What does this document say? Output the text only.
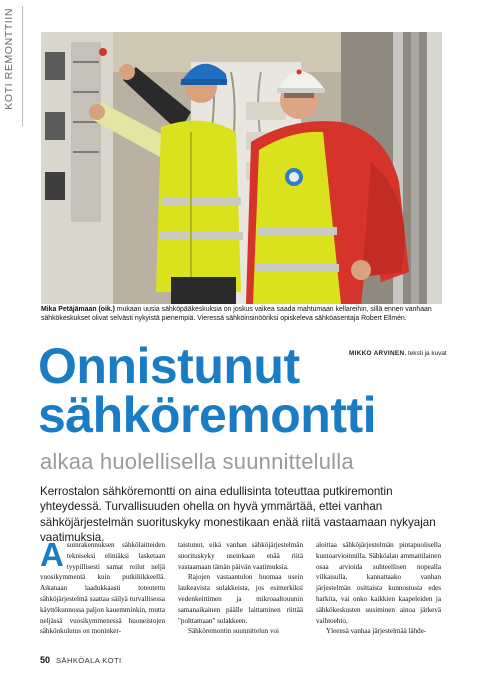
KOTI REMONTTIIN
Mika Petäjämaan (oik.) mukaan uusia sähköpääkeskuksia on joskus vaikea saada mahtumaan kellareihin, sillä ennen vanhaan sähkökeskukset olivat selvästi nykyistä pienempiä. Vieressä sähköinsinööriksi opiskeleva sähköasentaja Robert Ellmén.
MIKKO ARVINEN, teksti ja kuvat
Onnistunut
sähköremontti
alkaa huolellisella suunnittelulla
Kerrostalon sähköremontti on aina edullisinta toteuttaa putkiremontin yhteydessä. Turvallisuuden ohella on hyvä ymmärtää, ettei vanhan sähköjärjestelmän suorituskyky monestikaan enää riitä vastaamaan nykyajan vaatimuksia.

Asuinrakennuksen sähkölaitteiden tekniseksi eliniäksi lasketaan tyypillisesti samat reilut neljä vuosikymmentä kuin putkiliikkeellä. Aikanaan laadukkaasti toteutettu sähköjärjestelmä saattaa säilyä turvallisessa käyttökunnossa paljon kauemminkin, mutta neljässä vuosikymmenessä huoneistojen sähkönkulutus on moninker-

taistunut, eikä vanhan sähköjärjestelmän suorituskyky useinkaan enää riitä vastaamaan tämän päivän vaatimuksia.

Rajojen vastaantulon huomaa usein laukeavista sulakkeista, jos esimerkiksi vedenkeittimen ja mikroaaltouunin samanaikainen päälle laittaminen riittää "polttamaan" sulakkeen.

Sähköremontin suunnittelun voi

aloittaa sähköjärjestelmän pintapuolisella kuntoarvioinnilla. Sähköalan ammattilainen osaa arvioida suhteellisen nopealla vilkaisulla, kannattaako vanhan järjestelmän osittaista kunnostusta edes harkita, vai onko kaikkien kaapeleiden ja sähkökeskusten uusiminen ainoa järkevä vaihtoehto.

Yleensä vanhaa järjestelmää lähde-

50 SÄHKÖALA KOTI
